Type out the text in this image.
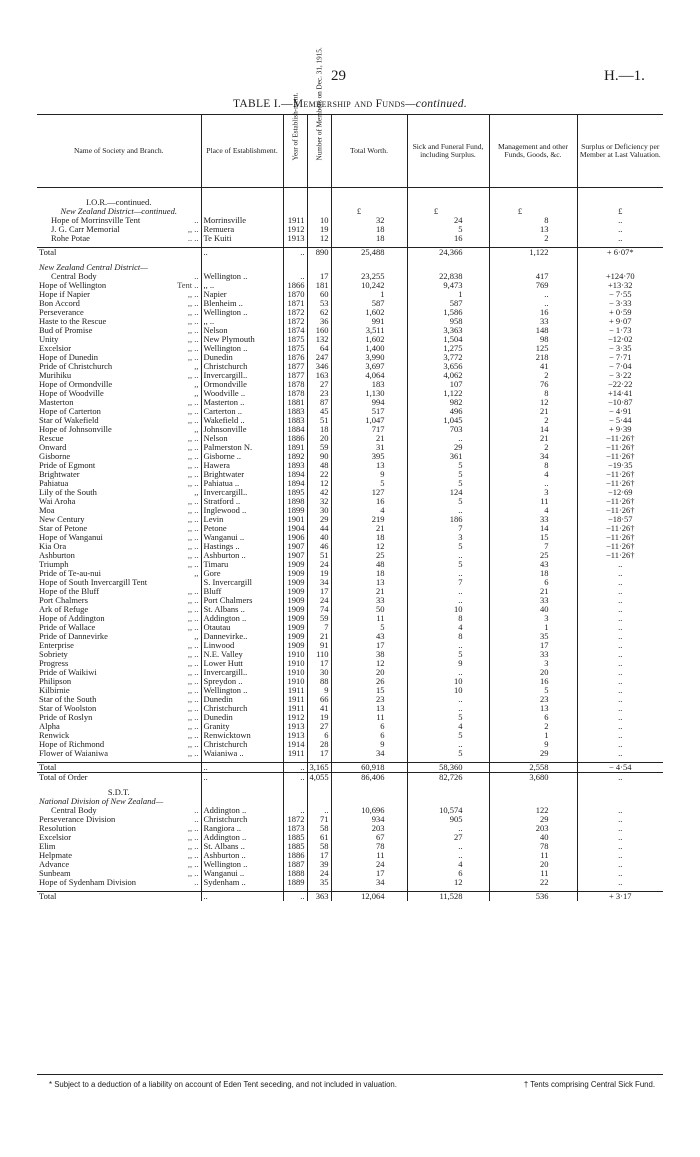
29	H.—1.
TABLE I.—Membership and Funds—continued.
Name of Society and Branch.	Place of Establishment.	Year of Establish-ment.	Number of Members on Dec. 31, 1915.	Total Worth.	Sick and Funeral Fund, including Surplus.	Management and other Funds, Goods, &c.	Surplus or Deficiency per Member at Last Valuation.

I.O.R.—continued.							
New Zealand District—continued.				£	£	£	£
Hope of Morrinsville Tent ..	Morrinsville	1911	10	32	24	8	..
J. G. Carr Memorial ,, ..	Remuera	1912	19	18	5	13	..
Rohe Potae .. ..	Te Kuiti	1913	12	18	16	2	..

Total	..	..	890	25,488	24,366	1,122	+ 6·07*

New Zealand Central District—							
Central Body ..	Wellington ..	..	17	23,255	22,838	417	+124·70
Hope of Wellington Tent ..	,, ..	1866	181	10,242	9,473	769	+13·32
Hope if Napier ,, ..	Napier	1870	60	1	1	..	− 7·55
Bon Accord ,, ..	Blenheim ..	1871	53	587	587	..	− 3·33
Perseverance ,, ..	Wellington ..	1872	62	1,602	1,586	16	+ 0·59
Haste to the Rescue ,, ..	,, ..	1872	36	991	958	33	+ 9·07
Bud of Promise ,, ..	Nelson	1874	160	3,511	3,363	148	− 1·73
Unity ,, ..	New Plymouth	1875	132	1,602	1,504	98	−12·02
Excelsior ,, ..	Wellington ..	1875	64	1,400	1,275	125	− 3·35
Hope of Dunedin ,, ..	Dunedin	1876	247	3,990	3,772	218	− 7·71
Pride of Christchurch ,,	Christchurch	1877	346	3,697	3,656	41	− 7·04
Murihiku ,, ..	Invercargill..	1877	163	4,064	4,062	2	− 3·22
Hope of Ormondville ,,	Ormondville	1878	27	183	107	76	−22·22
Hope of Woodville ,,	Woodville ..	1878	23	1,130	1,122	8	+14·41
Masterton ,, ..	Masterton ..	1881	87	994	982	12	−10·87
Hope of Carterton ,, ..	Carterton ..	1883	45	517	496	21	− 4·91
Star of Wakefield ,, ..	Wakefield ..	1883	51	1,047	1,045	2	− 5·44
Hope of Johnsonville ,,	Johnsonville	1884	18	717	703	14	+ 9·39
Rescue ,, ..	Nelson	1886	20	21	..	21	−11·26†
Onward ,, ..	Palmerston N.	1891	59	31	29	2	−11·26†
Gisborne ,, ..	Gisborne ..	1892	90	395	361	34	−11·26†
Pride of Egmont ,, ..	Hawera	1893	48	13	5	8	−19·35
Brightwater ,, ..	Brightwater	1894	22	9	5	4	−11·26†
Pahiatua ,, ..	Pahiatua ..	1894	12	5	5	..	−11·26†
Lily of the South ,,	Invercargill..	1895	42	127	124	3	−12·69
Wai Aroha ,, ..	Stratford ..	1898	32	16	5	11	−11·26†
Moa ,, ..	Inglewood ..	1899	30	4	..	4	−11·26†
New Century ,, ..	Levin	1901	29	219	186	33	−18·57
Star of Petone ,, ..	Petone	1904	44	21	7	14	−11·26†
Hope of Wanganui ,, ..	Wanganui ..	1906	40	18	3	15	−11·26†
Kia Ora ,, ..	Hastings ..	1907	46	12	5	7	−11·26†
Ashburton ,, ..	Ashburton ..	1907	51	25	..	25	−11·26†
Triumph ,, ..	Timaru	1909	24	48	5	43	..
Pride of Te-au-nui ,,	Gore	1909	19	18	..	18	..
Hope of South Invercargill Tent	S. Invercargill	1909	34	13	7	6	..
Hope of the Bluff ,, ..	Bluff	1909	17	21	..	21	..
Port Chalmers ,, ..	Port Chalmers	1909	24	33	..	33	..
Ark of Refuge ,, ..	St. Albans ..	1909	74	50	10	40	..
Hope of Addington ,, ..	Addington ..	1909	59	11	8	3	..
Pride of Wallace ,, ..	Otautau	1909	7	5	4	1	..
Pride of Dannevirke ,,	Dannevirke..	1909	21	43	8	35	..
Enterprise ,, ..	Linwood	1909	91	17	..	17	..
Sobriety ,, ..	N.E. Valley	1910	110	38	5	33	..
Progress ,, ..	Lower Hutt	1910	17	12	9	3	..
Pride of Waikiwi ,, ..	Invercargill..	1910	30	20	..	20	..
Philipson ,, ..	Spreydon ..	1910	88	26	10	16	..
Kilbirnie ,, ..	Wellington ..	1911	9	15	10	5	..
Star of the South ,, ..	Dunedin	1911	66	23	..	23	..
Star of Woolston ,, ..	Christchurch	1911	41	13	..	13	..
Pride of Roslyn ,, ..	Dunedin	1912	19	11	5	6	..
Alpha ,, ..	Granity	1913	27	6	4	2	..
Renwick ,, ..	Renwicktown	1913	6	6	5	1	..
Hope of Richmond ,, ..	Christchurch	1914	28	9	..	9	..
Flower of Waianiwa ,, ..	Waianiwa ..	1911	17	34	5	29	..

Total	..	..	3,165	60,918	58,360	2,558	− 4·54
Total of Order	..	..	4,055	86,406	82,726	3,680	..

S.D.T.							
National Division of New Zealand—							
Central Body ..	Addington ..	..	..	10,696	10,574	122	..
Perseverance Division ..	Christchurch	1872	71	934	905	29	..
Resolution ,, ..	Rangiora ..	1873	58	203	..	203	..
Excelsior ,, ..	Addington ..	1885	61	67	27	40	..
Elim ,, ..	St. Albans ..	1885	58	78	..	78	..
Helpmate ,, ..	Ashburton ..	1886	17	11	..	11	..
Advance ,, ..	Wellington ..	1887	39	24	4	20	..
Sunbeam ,, ..	Wanganui ..	1888	24	17	6	11	..
Hope of Sydenham Division ..	Sydenham ..	1889	35	34	12	22	..

Total	..	..	363	12,064	11,528	536	+ 3·17
* Subject to a deduction of a liability on account of Eden Tent seceding, and not included in valuation.	† Tents comprising Central Sick Fund.
